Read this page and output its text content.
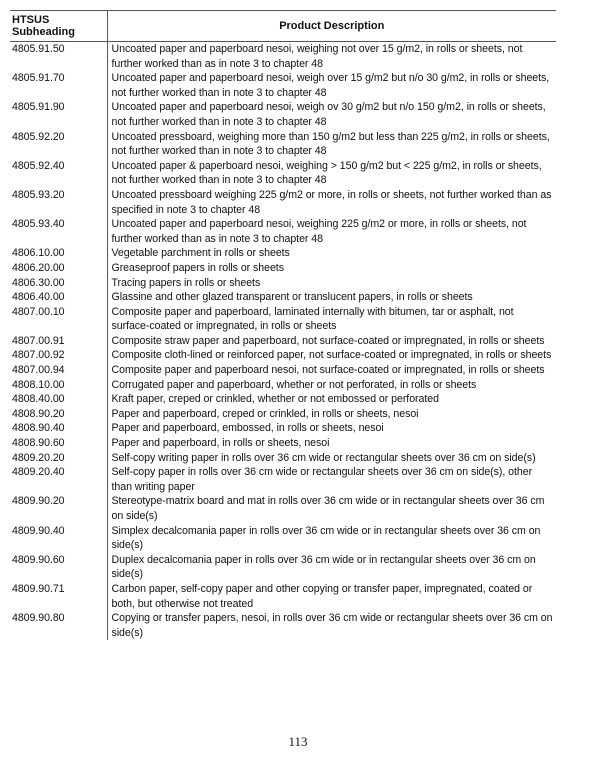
HTSUS
Subheading	Product Description
4805.91.50	Uncoated paper and paperboard nesoi, weighing not over 15 g/m2, in rolls or sheets, not further worked than as in note 3 to chapter 48
4805.91.70	Uncoated paper and paperboard nesoi, weigh over 15 g/m2 but n/o 30 g/m2, in rolls or sheets, not further worked than in note 3 to chapter 48
4805.91.90	Uncoated paper and paperboard nesoi, weigh ov 30 g/m2 but n/o 150 g/m2, in rolls or sheets, not further worked than in note 3 to chapter 48
4805.92.20	Uncoated pressboard, weighing more than 150 g/m2 but less than 225 g/m2, in rolls or sheets, not further worked than in note 3 to chapter 48
4805.92.40	Uncoated paper & paperboard nesoi, weighing > 150 g/m2 but < 225 g/m2, in rolls or sheets, not further worked than in note 3 to chapter 48
4805.93.20	Uncoated pressboard weighing 225 g/m2 or more, in rolls or sheets, not further worked than as specified in note 3 to chapter 48
4805.93.40	Uncoated paper and paperboard nesoi, weighing 225 g/m2 or more, in rolls or sheets, not further worked than as in note 3 to chapter 48
4806.10.00	Vegetable parchment in rolls or sheets
4806.20.00	Greaseproof papers in rolls or sheets
4806.30.00	Tracing papers in rolls or sheets
4806.40.00	Glassine and other glazed transparent or translucent papers, in rolls or sheets
4807.00.10	Composite paper and paperboard, laminated internally with bitumen, tar or asphalt, not surface-coated or impregnated, in rolls or sheets
4807.00.91	Composite straw paper and paperboard, not surface-coated or impregnated, in rolls or sheets
4807.00.92	Composite cloth-lined or reinforced paper, not surface-coated or impregnated, in rolls or sheets
4807.00.94	Composite paper and paperboard nesoi, not surface-coated or impregnated, in rolls or sheets
4808.10.00	Corrugated paper and paperboard, whether or not perforated, in rolls or sheets
4808.40.00	Kraft paper, creped or crinkled, whether or not embossed or perforated
4808.90.20	Paper and paperboard, creped or crinkled, in rolls or sheets, nesoi
4808.90.40	Paper and paperboard, embossed, in rolls or sheets, nesoi
4808.90.60	Paper and paperboard, in rolls or sheets, nesoi
4809.20.20	Self-copy writing paper in rolls over 36 cm wide or rectangular sheets over 36 cm on side(s)
4809.20.40	Self-copy paper in rolls over 36 cm wide or rectangular sheets over 36 cm on side(s), other than writing paper
4809.90.20	Stereotype-matrix board and mat in rolls over 36 cm wide or in rectangular sheets over 36 cm on side(s)
4809.90.40	Simplex decalcomania paper in rolls over 36 cm wide or in rectangular sheets over 36 cm on side(s)
4809.90.60	Duplex decalcomania paper in rolls over 36 cm wide or in rectangular sheets over 36 cm on side(s)
4809.90.71	Carbon paper, self-copy paper and other copying or transfer paper, impregnated, coated or both, but otherwise not treated
4809.90.80	Copying or transfer papers, nesoi, in rolls over 36 cm wide or rectangular sheets over 36 cm on side(s)
113
